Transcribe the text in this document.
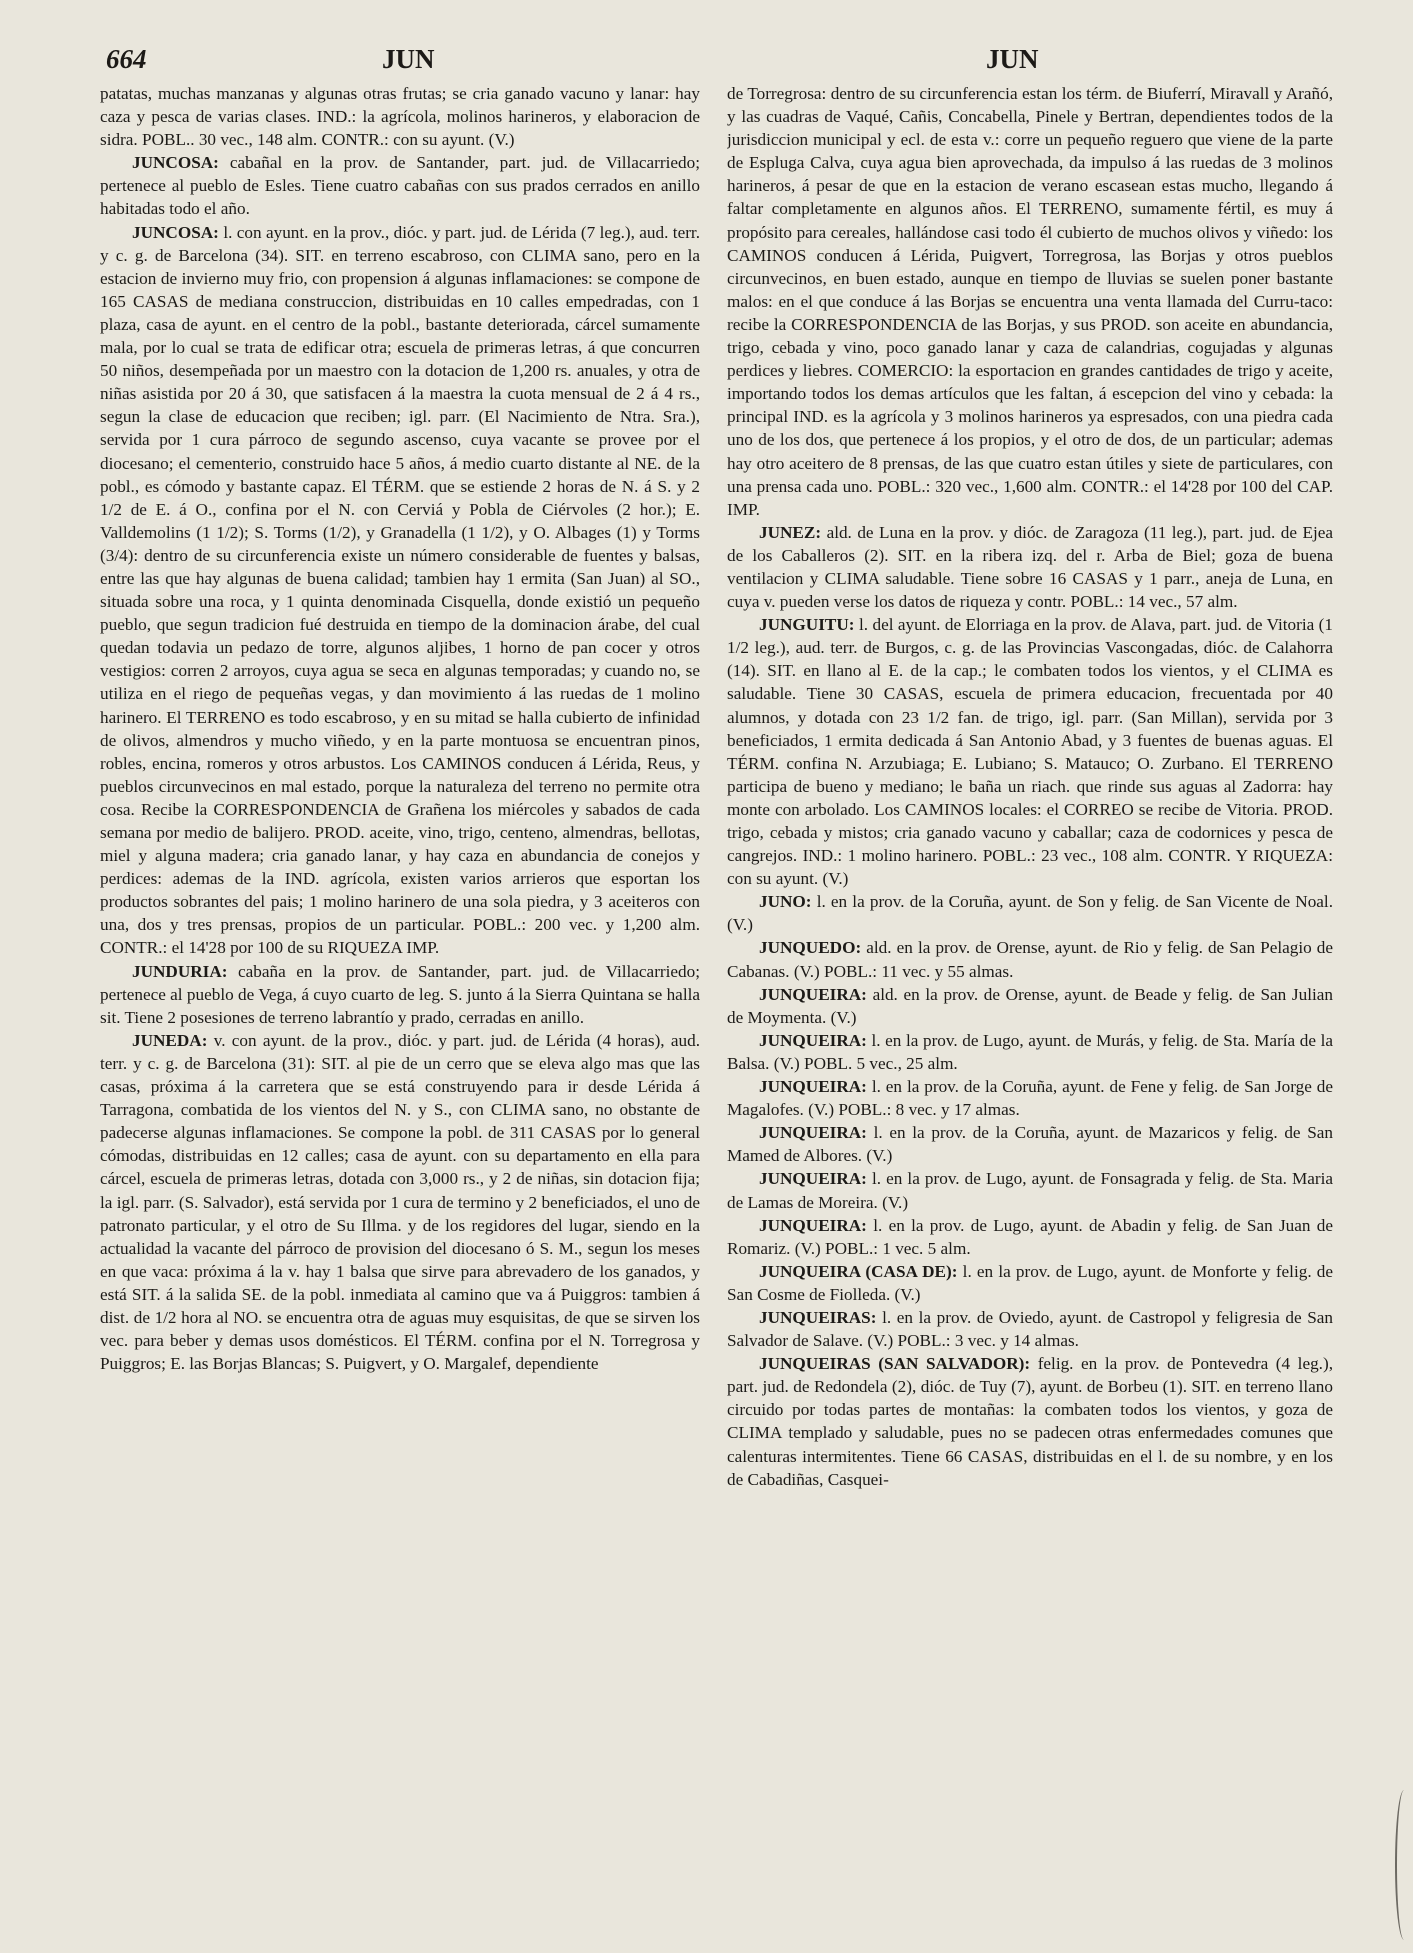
664	JUN	JUN

patatas, muchas manzanas y algunas otras frutas; se cria ganado vacuno y lanar: hay caza y pesca de varias clases. IND.: la agrícola, molinos harineros, y elaboracion de sidra. POBL.. 30 vec., 148 alm. CONTR.: con su ayunt. (V.)

JUNCOSA: cabañal en la prov. de Santander, part. jud. de Villacarriedo; pertenece al pueblo de Esles. Tiene cuatro cabañas con sus prados cerrados en anillo habitadas todo el año.

JUNCOSA: l. con ayunt. en la prov., dióc. y part. jud. de Lérida (7 leg.), aud. terr. y c. g. de Barcelona (34). SIT. en terreno escabroso, con CLIMA sano, pero en la estacion de invierno muy frio, con propension á algunas inflamaciones: se compone de 165 CASAS de mediana construccion, distribuidas en 10 calles empedradas, con 1 plaza, casa de ayunt. en el centro de la pobl., bastante deteriorada, cárcel sumamente mala, por lo cual se trata de edificar otra; escuela de primeras letras, á que concurren 50 niños, desempeñada por un maestro con la dotacion de 1,200 rs. anuales, y otra de niñas asistida por 20 á 30, que satisfacen á la maestra la cuota mensual de 2 á 4 rs., segun la clase de educacion que reciben; igl. parr. (El Nacimiento de Ntra. Sra.), servida por 1 cura párroco de segundo ascenso, cuya vacante se provee por el diocesano; el cementerio, construido hace 5 años, á medio cuarto distante al NE. de la pobl., es cómodo y bastante capaz. El TÉRM. que se estiende 2 horas de N. á S. y 2 1/2 de E. á O., confina por el N. con Cerviá y Pobla de Ciérvoles (2 hor.); E. Valldemolins (1 1/2); S. Torms (1/2), y Granadella (1 1/2), y O. Albages (1) y Torms (3/4): dentro de su circunferencia existe un número considerable de fuentes y balsas, entre las que hay algunas de buena calidad; tambien hay 1 ermita (San Juan) al SO., situada sobre una roca, y 1 quinta denominada Cisquella, donde existió un pequeño pueblo, que segun tradicion fué destruida en tiempo de la dominacion árabe, del cual quedan todavia un pedazo de torre, algunos aljibes, 1 horno de pan cocer y otros vestigios: corren 2 arroyos, cuya agua se seca en algunas temporadas; y cuando no, se utiliza en el riego de pequeñas vegas, y dan movimiento á las ruedas de 1 molino harinero. El TERRENO es todo escabroso, y en su mitad se halla cubierto de infinidad de olivos, almendros y mucho viñedo, y en la parte montuosa se encuentran pinos, robles, encina, romeros y otros arbustos. Los CAMINOS conducen á Lérida, Reus, y pueblos circunvecinos en mal estado, porque la naturaleza del terreno no permite otra cosa. Recibe la CORRESPONDENCIA de Grañena los miércoles y sabados de cada semana por medio de balijero. PROD. aceite, vino, trigo, centeno, almendras, bellotas, miel y alguna madera; cria ganado lanar, y hay caza en abundancia de conejos y perdices: ademas de la IND. agrícola, existen varios arrieros que esportan los productos sobrantes del pais; 1 molino harinero de una sola piedra, y 3 aceiteros con una, dos y tres prensas, propios de un particular. POBL.: 200 vec. y 1,200 alm. CONTR.: el 14'28 por 100 de su RIQUEZA IMP.

JUNDURIA: cabaña en la prov. de Santander, part. jud. de Villacarriedo; pertenece al pueblo de Vega, á cuyo cuarto de leg. S. junto á la Sierra Quintana se halla sit. Tiene 2 posesiones de terreno labrantío y prado, cerradas en anillo.

JUNEDA: v. con ayunt. de la prov., dióc. y part. jud. de Lérida (4 horas), aud. terr. y c. g. de Barcelona (31): SIT. al pie de un cerro que se eleva algo mas que las casas, próxima á la carretera que se está construyendo para ir desde Lérida á Tarragona, combatida de los vientos del N. y S., con CLIMA sano, no obstante de padecerse algunas inflamaciones. Se compone la pobl. de 311 CASAS por lo general cómodas, distribuidas en 12 calles; casa de ayunt. con su departamento en ella para cárcel, escuela de primeras letras, dotada con 3,000 rs., y 2 de niñas, sin dotacion fija; la igl. parr. (S. Salvador), está servida por 1 cura de termino y 2 beneficiados, el uno de patronato particular, y el otro de Su Illma. y de los regidores del lugar, siendo en la actualidad la vacante del párroco de provision del diocesano ó S. M., segun los meses en que vaca: próxima á la v. hay 1 balsa que sirve para abrevadero de los ganados, y está SIT. á la salida SE. de la pobl. inmediata al camino que va á Puiggros: tambien á dist. de 1/2 hora al NO. se encuentra otra de aguas muy esquisitas, de que se sirven los vec. para beber y demas usos domésticos. El TÉRM. confina por el N. Torregrosa y Puiggros; E. las Borjas Blancas; S. Puigvert, y O. Margalef, dependiente

de Torregrosa: dentro de su circunferencia estan los térm. de Biuferrí, Miravall y Arañó, y las cuadras de Vaqué, Cañis, Concabella, Pinele y Bertran, dependientes todos de la jurisdiccion municipal y ecl. de esta v.: corre un pequeño reguero que viene de la parte de Espluga Calva, cuya agua bien aprovechada, da impulso á las ruedas de 3 molinos harineros, á pesar de que en la estacion de verano escasean estas mucho, llegando á faltar completamente en algunos años. El TERRENO, sumamente fértil, es muy á propósito para cereales, hallándose casi todo él cubierto de muchos olivos y viñedo: los CAMINOS conducen á Lérida, Puigvert, Torregrosa, las Borjas y otros pueblos circunvecinos, en buen estado, aunque en tiempo de lluvias se suelen poner bastante malos: en el que conduce á las Borjas se encuentra una venta llamada del Curru-taco: recibe la CORRESPONDENCIA de las Borjas, y sus PROD. son aceite en abundancia, trigo, cebada y vino, poco ganado lanar y caza de calandrias, cogujadas y algunas perdices y liebres. COMERCIO: la esportacion en grandes cantidades de trigo y aceite, importando todos los demas artículos que les faltan, á escepcion del vino y cebada: la principal IND. es la agrícola y 3 molinos harineros ya espresados, con una piedra cada uno de los dos, que pertenece á los propios, y el otro de dos, de un particular; ademas hay otro aceitero de 8 prensas, de las que cuatro estan útiles y siete de particulares, con una prensa cada uno. POBL.: 320 vec., 1,600 alm. CONTR.: el 14'28 por 100 del CAP. IMP.

JUNEZ: ald. de Luna en la prov. y dióc. de Zaragoza (11 leg.), part. jud. de Ejea de los Caballeros (2). SIT. en la ribera izq. del r. Arba de Biel; goza de buena ventilacion y CLIMA saludable. Tiene sobre 16 CASAS y 1 parr., aneja de Luna, en cuya v. pueden verse los datos de riqueza y contr. POBL.: 14 vec., 57 alm.

JUNGUITU: l. del ayunt. de Elorriaga en la prov. de Alava, part. jud. de Vitoria (1 1/2 leg.), aud. terr. de Burgos, c. g. de las Provincias Vascongadas, dióc. de Calahorra (14). SIT. en llano al E. de la cap.; le combaten todos los vientos, y el CLIMA es saludable. Tiene 30 CASAS, escuela de primera educacion, frecuentada por 40 alumnos, y dotada con 23 1/2 fan. de trigo, igl. parr. (San Millan), servida por 3 beneficiados, 1 ermita dedicada á San Antonio Abad, y 3 fuentes de buenas aguas. El TÉRM. confina N. Arzubiaga; E. Lubiano; S. Matauco; O. Zurbano. El TERRENO participa de bueno y mediano; le baña un riach. que rinde sus aguas al Zadorra: hay monte con arbolado. Los CAMINOS locales: el CORREO se recibe de Vitoria. PROD. trigo, cebada y mistos; cria ganado vacuno y caballar; caza de codornices y pesca de cangrejos. IND.: 1 molino harinero. POBL.: 23 vec., 108 alm. CONTR. Y RIQUEZA: con su ayunt. (V.)

JUNO: l. en la prov. de la Coruña, ayunt. de Son y felig. de San Vicente de Noal. (V.)

JUNQUEDO: ald. en la prov. de Orense, ayunt. de Rio y felig. de San Pelagio de Cabanas. (V.) POBL.: 11 vec. y 55 almas.

JUNQUEIRA: ald. en la prov. de Orense, ayunt. de Beade y felig. de San Julian de Moymenta. (V.)

JUNQUEIRA: l. en la prov. de Lugo, ayunt. de Murás, y felig. de Sta. María de la Balsa. (V.) POBL. 5 vec., 25 alm.

JUNQUEIRA: l. en la prov. de la Coruña, ayunt. de Fene y felig. de San Jorge de Magalofes. (V.) POBL.: 8 vec. y 17 almas.

JUNQUEIRA: l. en la prov. de la Coruña, ayunt. de Mazaricos y felig. de San Mamed de Albores. (V.)

JUNQUEIRA: l. en la prov. de Lugo, ayunt. de Fonsagrada y felig. de Sta. Maria de Lamas de Moreira. (V.)

JUNQUEIRA: l. en la prov. de Lugo, ayunt. de Abadin y felig. de San Juan de Romariz. (V.) POBL.: 1 vec. 5 alm.

JUNQUEIRA (CASA DE): l. en la prov. de Lugo, ayunt. de Monforte y felig. de San Cosme de Fiolleda. (V.)

JUNQUEIRAS: l. en la prov. de Oviedo, ayunt. de Castropol y feligresia de San Salvador de Salave. (V.) POBL.: 3 vec. y 14 almas.

JUNQUEIRAS (SAN SALVADOR): felig. en la prov. de Pontevedra (4 leg.), part. jud. de Redondela (2), dióc. de Tuy (7), ayunt. de Borbeu (1). SIT. en terreno llano circuido por todas partes de montañas: la combaten todos los vientos, y goza de CLIMA templado y saludable, pues no se padecen otras enfermedades comunes que calenturas intermitentes. Tiene 66 CASAS, distribuidas en el l. de su nombre, y en los de Cabadiñas, Casquei-
